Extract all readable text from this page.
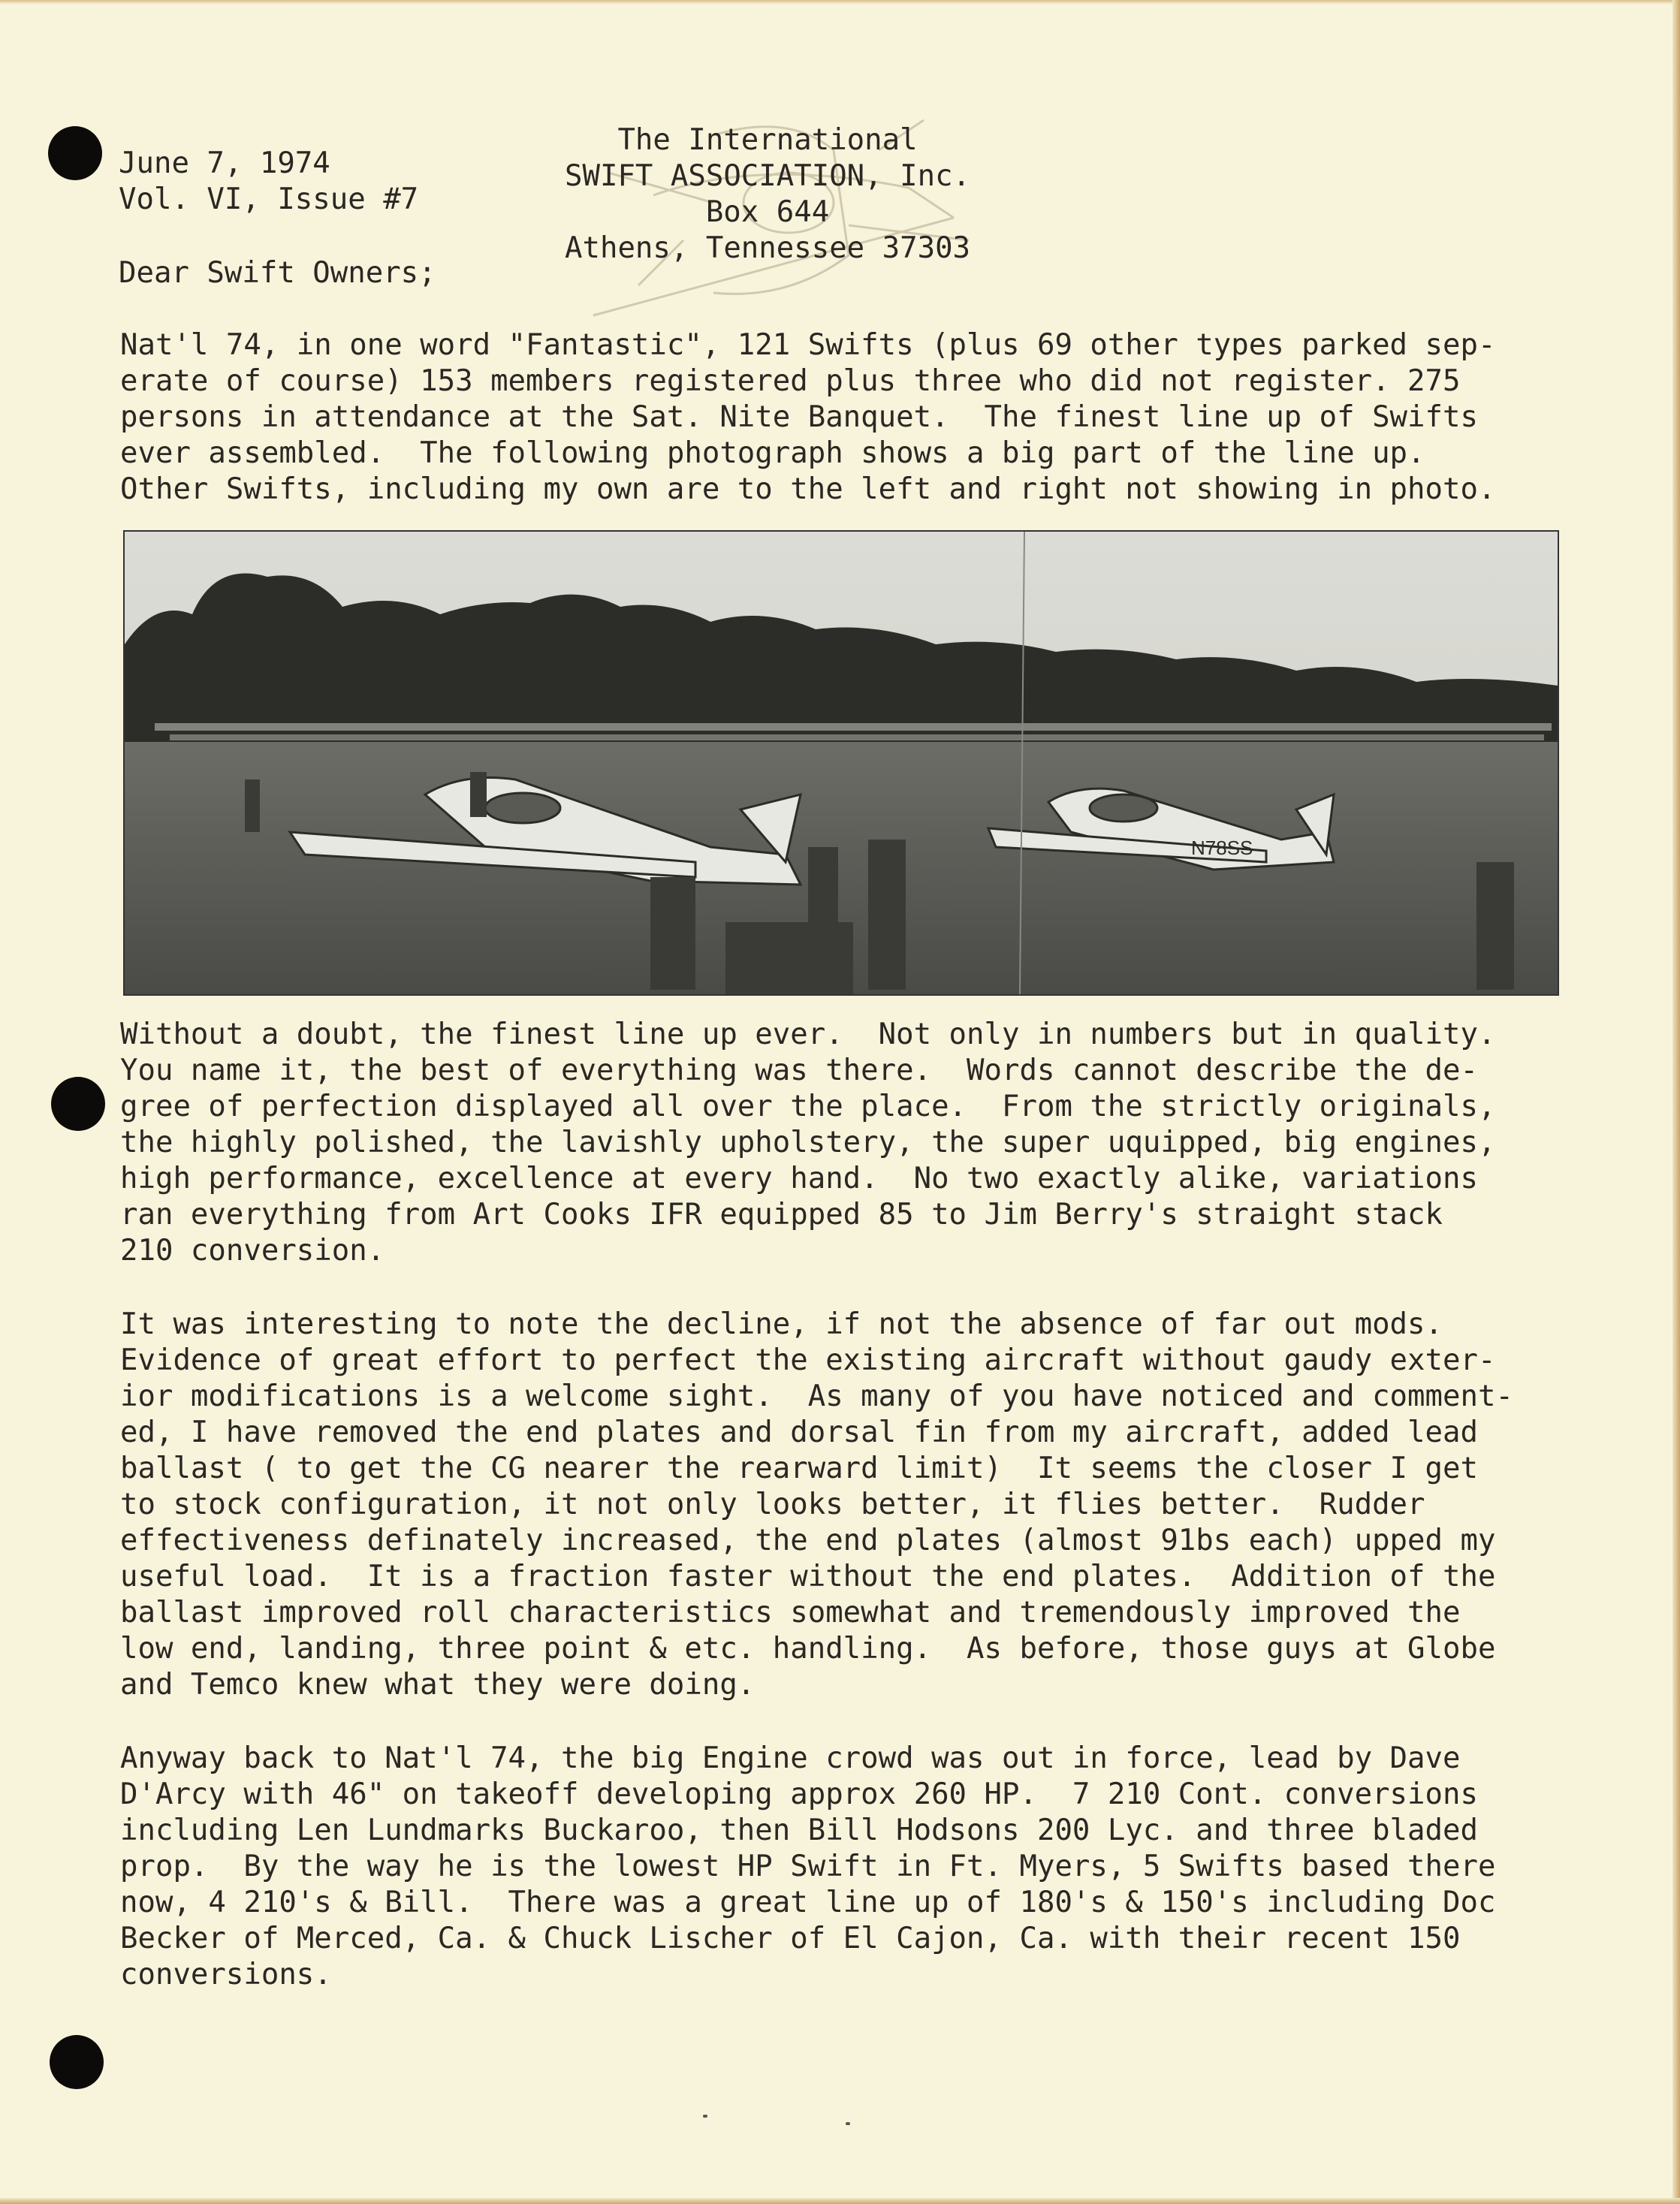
June 7, 1974
Vol. VI, Issue #7
The International
SWIFT ASSOCIATION, Inc.
Box 644
Athens, Tennessee 37303
Dear Swift Owners;
Nat'l 74, in one word "Fantastic", 121 Swifts (plus 69 other types parked sep-
erate of course) 153 members registered plus three who did not register. 275
persons in attendance at the Sat. Nite Banquet.  The finest line up of Swifts
ever assembled.  The following photograph shows a big part of the line up.
Other Swifts, including my own are to the left and right not showing in photo.
N78SS
Without a doubt, the finest line up ever.  Not only in numbers but in quality.
You name it, the best of everything was there.  Words cannot describe the de-
gree of perfection displayed all over the place.  From the strictly originals,
the highly polished, the lavishly upholstery, the super uquipped, big engines,
high performance, excellence at every hand.  No two exactly alike, variations
ran everything from Art Cooks IFR equipped 85 to Jim Berry's straight stack
210 conversion.
It was interesting to note the decline, if not the absence of far out mods.
Evidence of great effort to perfect the existing aircraft without gaudy exter-
ior modifications is a welcome sight.  As many of you have noticed and comment-
ed, I have removed the end plates and dorsal fin from my aircraft, added lead
ballast ( to get the CG nearer the rearward limit)  It seems the closer I get
to stock configuration, it not only looks better, it flies better.  Rudder
effectiveness definately increased, the end plates (almost 91bs each) upped my
useful load.  It is a fraction faster without the end plates.  Addition of the
ballast improved roll characteristics somewhat and tremendously improved the
low end, landing, three point & etc. handling.  As before, those guys at Globe
and Temco knew what they were doing.
Anyway back to Nat'l 74, the big Engine crowd was out in force, lead by Dave
D'Arcy with 46" on takeoff developing approx 260 HP.  7 210 Cont. conversions
including Len Lundmarks Buckaroo, then Bill Hodsons 200 Lyc. and three bladed
prop.  By the way he is the lowest HP Swift in Ft. Myers, 5 Swifts based there
now, 4 210's & Bill.  There was a great line up of 180's & 150's including Doc
Becker of Merced, Ca. & Chuck Lischer of El Cajon, Ca. with their recent 150
conversions.
